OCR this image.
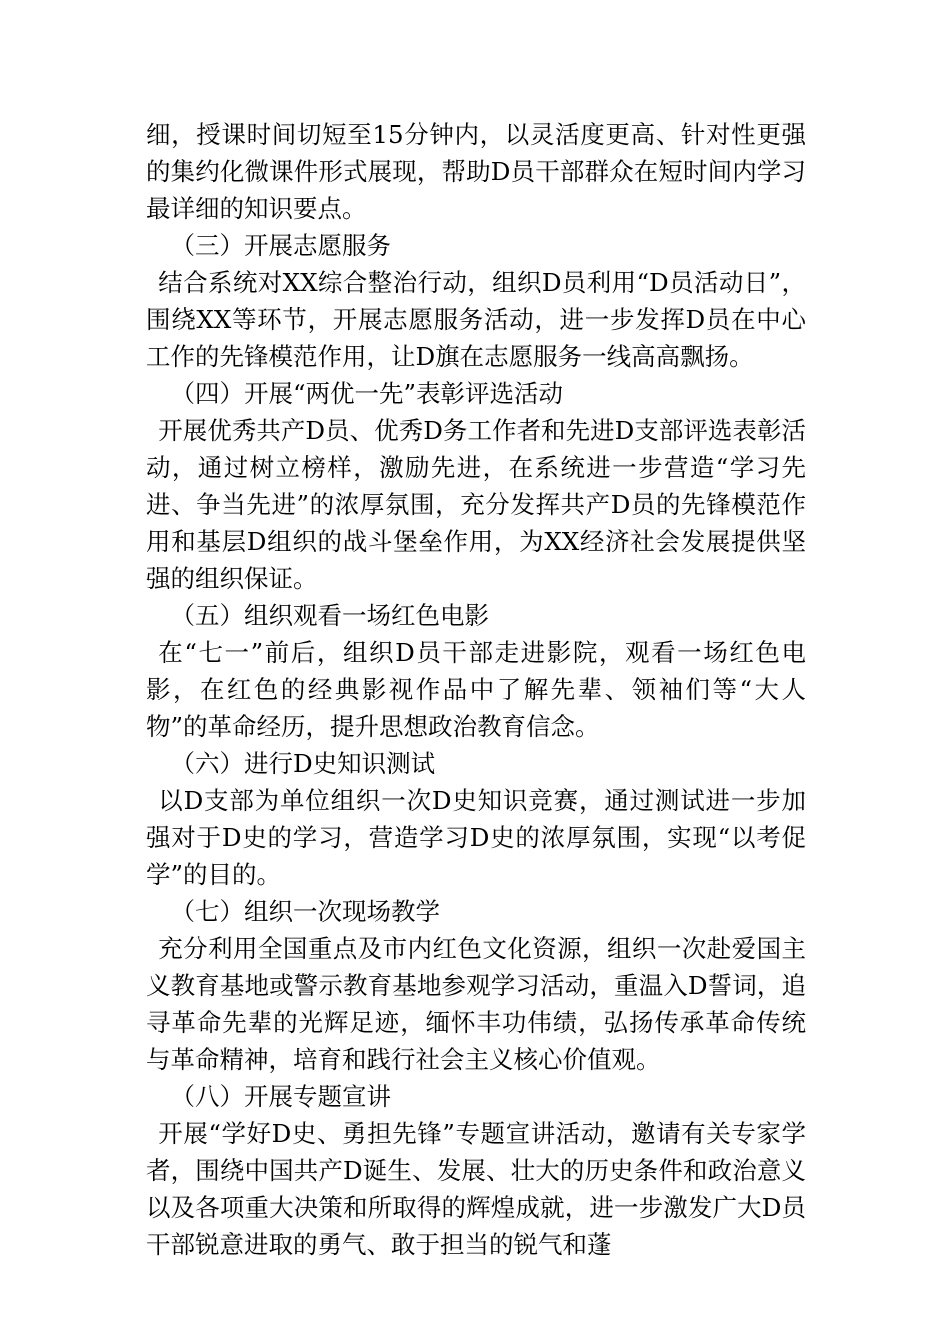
细，授课时间切短至15分钟内，以灵活度更高、针对性更强的集约化微课件形式展现，帮助D员干部群众在短时间内学习最详细的知识要点。

（三）开展志愿服务

结合系统对XX综合整治行动，组织D员利用“D员活动日”，围绕XX等环节，开展志愿服务活动，进一步发挥D员在中心工作的先锋模范作用，让D旗在志愿服务一线高高飘扬。

（四）开展“两优一先”表彰评选活动

开展优秀共产D员、优秀D务工作者和先进D支部评选表彰活动，通过树立榜样，激励先进，在系统进一步营造“学习先进、争当先进”的浓厚氛围，充分发挥共产D员的先锋模范作用和基层D组织的战斗堡垒作用，为XX经济社会发展提供坚强的组织保证。

（五）组织观看一场红色电影

在“七一”前后，组织D员干部走进影院，观看一场红色电影，在红色的经典影视作品中了解先辈、领袖们等“大人物”的革命经历，提升思想政治教育信念。

（六）进行D史知识测试

以D支部为单位组织一次D史知识竞赛，通过测试进一步加强对于D史的学习，营造学习D史的浓厚氛围，实现“以考促学”的目的。

（七）组织一次现场教学

充分利用全国重点及市内红色文化资源，组织一次赴爱国主义教育基地或警示教育基地参观学习活动，重温入D誓词，追寻革命先辈的光辉足迹，缅怀丰功伟绩，弘扬传承革命传统与革命精神，培育和践行社会主义核心价值观。

（八）开展专题宣讲

开展“学好D史、勇担先锋”专题宣讲活动，邀请有关专家学者，围绕中国共产D诞生、发展、壮大的历史条件和政治意义以及各项重大决策和所取得的辉煌成就，进一步激发广大D员干部锐意进取的勇气、敢于担当的锐气和蓬
